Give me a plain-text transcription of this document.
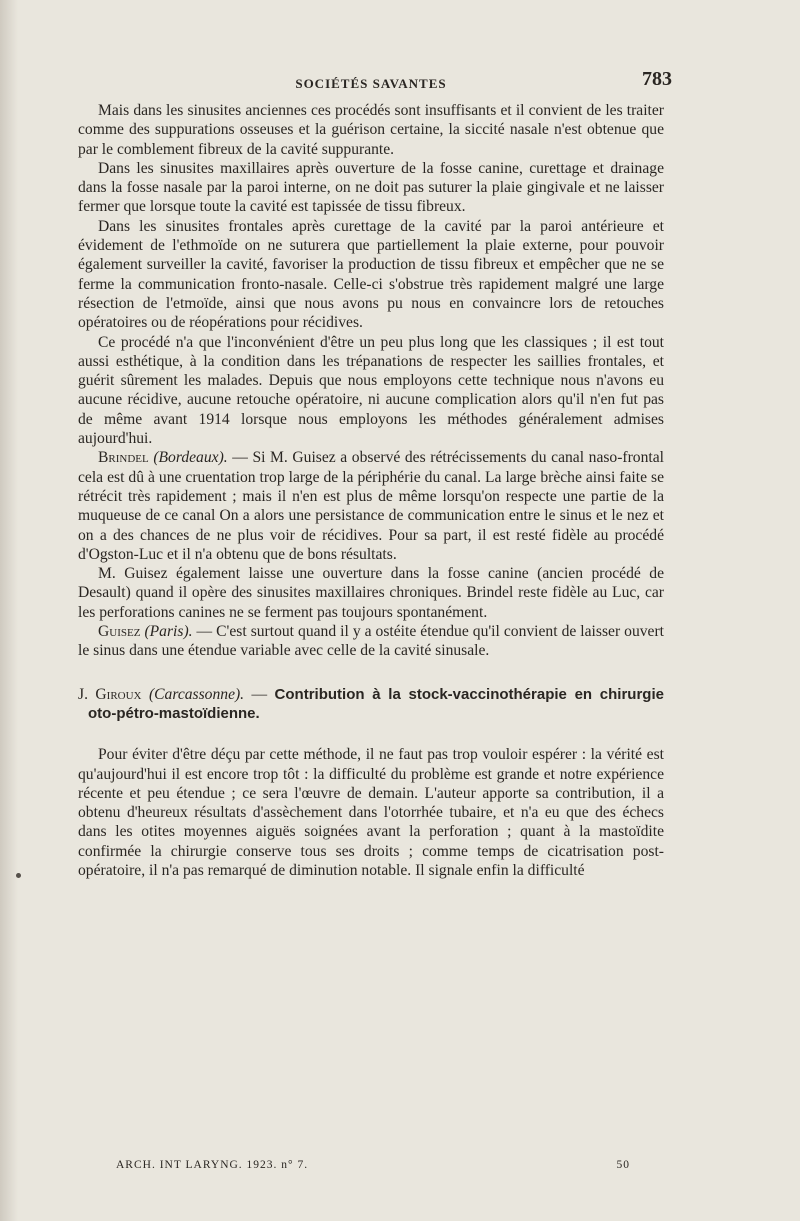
SOCIÉTÉS SAVANTES	783

Mais dans les sinusites anciennes ces procédés sont insuffisants et il convient de les traiter comme des suppurations osseuses et la guérison certaine, la siccité nasale n'est obtenue que par le comblement fibreux de la cavité suppurante.

Dans les sinusites maxillaires après ouverture de la fosse canine, curettage et drainage dans la fosse nasale par la paroi interne, on ne doit pas suturer la plaie gingivale et ne laisser fermer que lorsque toute la cavité est tapissée de tissu fibreux.

Dans les sinusites frontales après curettage de la cavité par la paroi antérieure et évidement de l'ethmoïde on ne suturera que partiellement la plaie externe, pour pouvoir également surveiller la cavité, favoriser la production de tissu fibreux et empêcher que ne se ferme la communication fronto-nasale. Celle-ci s'obstrue très rapidement malgré une large résection de l'etmoïde, ainsi que nous avons pu nous en convaincre lors de retouches opératoires ou de réopérations pour récidives.

Ce procédé n'a que l'inconvénient d'être un peu plus long que les classiques ; il est tout aussi esthétique, à la condition dans les trépanations de respecter les saillies frontales, et guérit sûrement les malades. Depuis que nous employons cette technique nous n'avons eu aucune récidive, aucune retouche opératoire, ni aucune complication alors qu'il n'en fut pas de même avant 1914 lorsque nous employons les méthodes généralement admises aujourd'hui.

Brindel (Bordeaux). — Si M. Guisez a observé des rétrécissements du canal naso-frontal cela est dû à une cruentation trop large de la périphérie du canal. La large brèche ainsi faite se rétrécit très rapidement ; mais il n'en est plus de même lorsqu'on respecte une partie de la muqueuse de ce canal On a alors une persistance de communication entre le sinus et le nez et on a des chances de ne plus voir de récidives. Pour sa part, il est resté fidèle au procédé d'Ogston-Luc et il n'a obtenu que de bons résultats.

M. Guisez également laisse une ouverture dans la fosse canine (ancien procédé de Desault) quand il opère des sinusites maxillaires chroniques. Brindel reste fidèle au Luc, car les perforations canines ne se ferment pas toujours spontanément.

Guisez (Paris). — C'est surtout quand il y a ostéite étendue qu'il convient de laisser ouvert le sinus dans une étendue variable avec celle de la cavité sinusale.

J. Giroux (Carcassonne). — Contribution à la stock-vaccinothérapie en chirurgie oto-pétro-mastoïdienne.

Pour éviter d'être déçu par cette méthode, il ne faut pas trop vouloir espérer : la vérité est qu'aujourd'hui il est encore trop tôt : la difficulté du problème est grande et notre expérience récente et peu étendue ; ce sera l'œuvre de demain. L'auteur apporte sa contribution, il a obtenu d'heureux résultats d'assèchement dans l'otorrhée tubaire, et n'a eu que des échecs dans les otites moyennes aiguës soignées avant la perforation ; quant à la mastoïdite confirmée la chirurgie conserve tous ses droits ; comme temps de cicatrisation post-opératoire, il n'a pas remarqué de diminution notable. Il signale enfin la difficulté

ARCH. INT LARYNG. 1923. n° 7.	50
